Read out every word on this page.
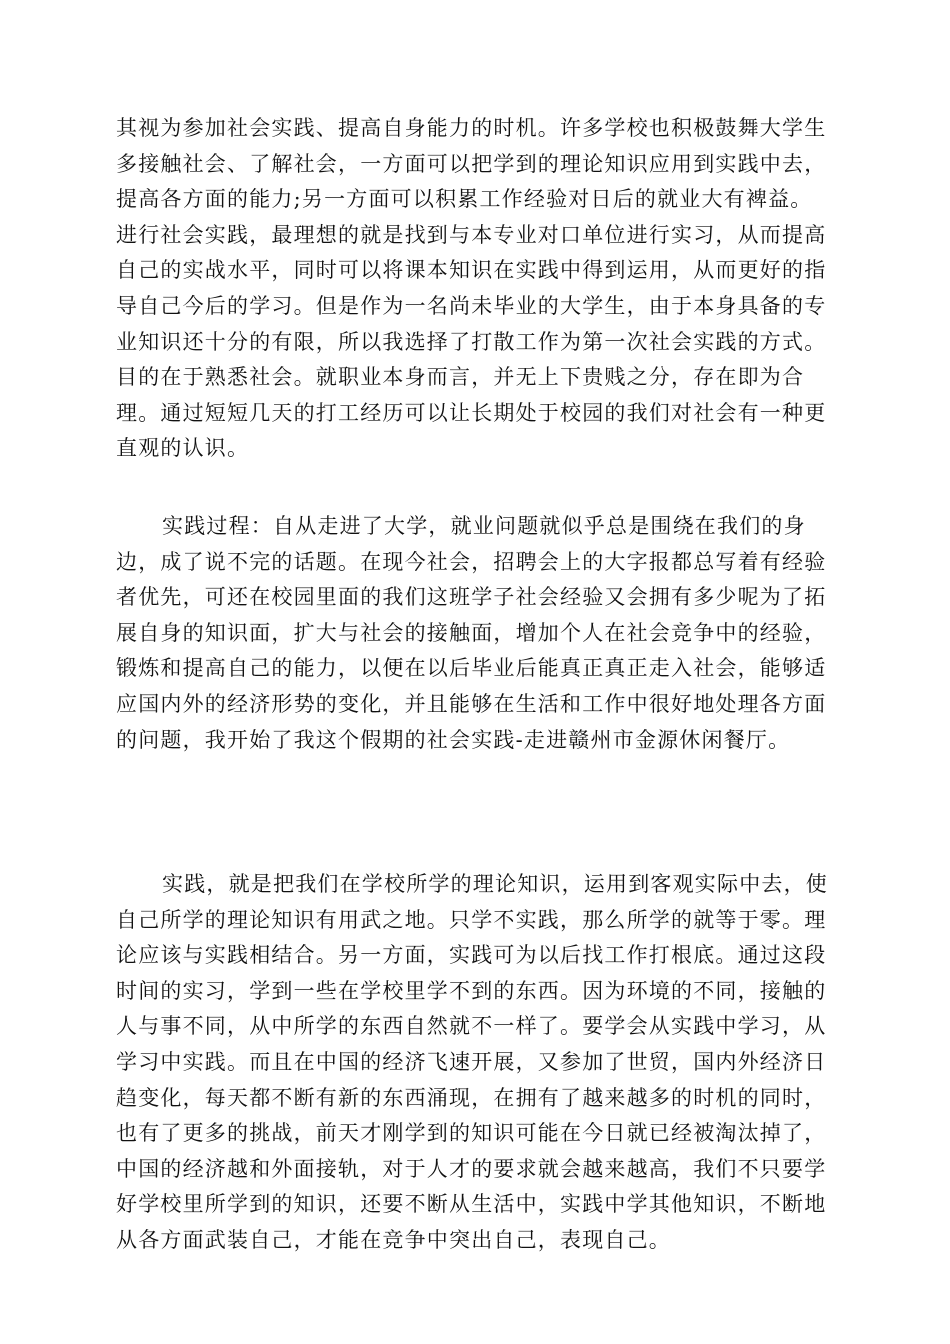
其视为参加社会实践、提高自身能力的时机。许多学校也积极鼓舞大学生
多接触社会、了解社会，一方面可以把学到的理论知识应用到实践中去，
提高各方面的能力;另一方面可以积累工作经验对日后的就业大有裨益。
进行社会实践，最理想的就是找到与本专业对口单位进行实习，从而提高
自己的实战水平，同时可以将课本知识在实践中得到运用，从而更好的指
导自己今后的学习。但是作为一名尚未毕业的大学生，由于本身具备的专
业知识还十分的有限，所以我选择了打散工作为第一次社会实践的方式。
目的在于熟悉社会。就职业本身而言，并无上下贵贱之分，存在即为合
理。通过短短几天的打工经历可以让长期处于校园的我们对社会有一种更
直观的认识。

实践过程：自从走进了大学，就业问题就似乎总是围绕在我们的身
边，成了说不完的话题。在现今社会，招聘会上的大字报都总写着有经验
者优先，可还在校园里面的我们这班学子社会经验又会拥有多少呢为了拓
展自身的知识面，扩大与社会的接触面，增加个人在社会竞争中的经验，
锻炼和提高自己的能力，以便在以后毕业后能真正真正走入社会，能够适
应国内外的经济形势的变化，并且能够在生活和工作中很好地处理各方面
的问题，我开始了我这个假期的社会实践-走进赣州市金源休闲餐厅。

实践，就是把我们在学校所学的理论知识，运用到客观实际中去，使
自己所学的理论知识有用武之地。只学不实践，那么所学的就等于零。理
论应该与实践相结合。另一方面，实践可为以后找工作打根底。通过这段
时间的实习，学到一些在学校里学不到的东西。因为环境的不同，接触的
人与事不同，从中所学的东西自然就不一样了。要学会从实践中学习，从
学习中实践。而且在中国的经济飞速开展，又参加了世贸，国内外经济日
趋变化，每天都不断有新的东西涌现，在拥有了越来越多的时机的同时，
也有了更多的挑战，前天才刚学到的知识可能在今日就已经被淘汰掉了，
中国的经济越和外面接轨，对于人才的要求就会越来越高，我们不只要学
好学校里所学到的知识，还要不断从生活中，实践中学其他知识，不断地
从各方面武装自己，才能在竞争中突出自己，表现自己。
